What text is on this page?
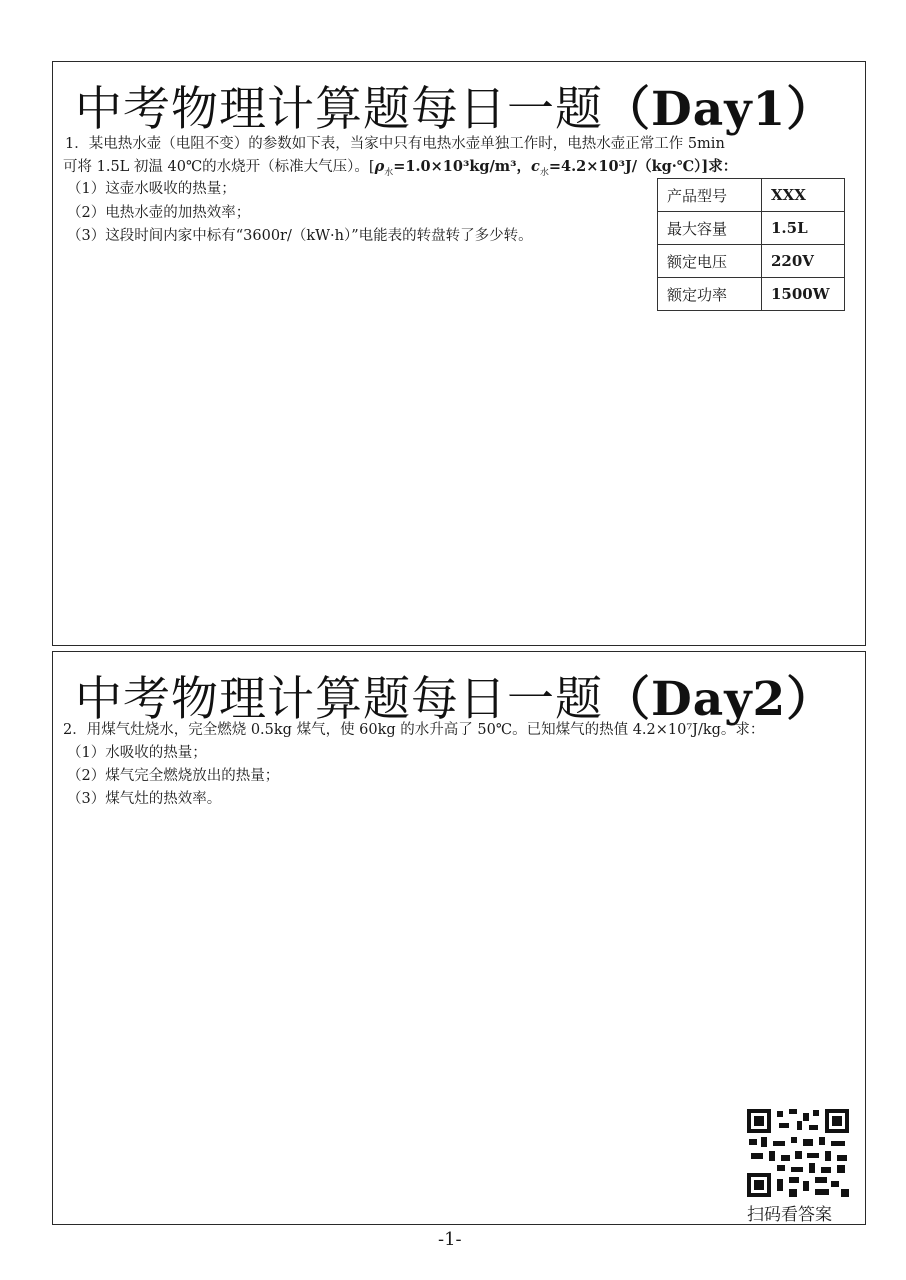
中考物理计算题每日一题（Day1）
1．某电热水壶（电阻不变）的参数如下表，当家中只有电热水壶单独工作时，电热水壶正常工作 5min
可将 1.5L 初温 40℃的水烧开（标准大气压）。[$\rho_水=1.0\times 10^3kg/m^3$，$c_水=4.2\times 10^3J/(kg\cdot℃)$]求：
（1）这壶水吸收的热量；
（2）电热水壶的加热效率；
（3）这段时间内家中标有“3600r/（kW·h）”电能表的转盘转了多少转。
产品型号	XXX
最大容量	1.5L
额定电压	220V
额定功率	1500W
中考物理计算题每日一题（Day2）
2．用煤气灶烧水，完全燃烧 0.5kg 煤气，使 60kg 的水升高了 50℃。已知煤气的热值 4.2×10⁷J/kg。求：
（1）水吸收的热量；
（2）煤气完全燃烧放出的热量；
（3）煤气灶的热效率。
扫码看答案
-1-
